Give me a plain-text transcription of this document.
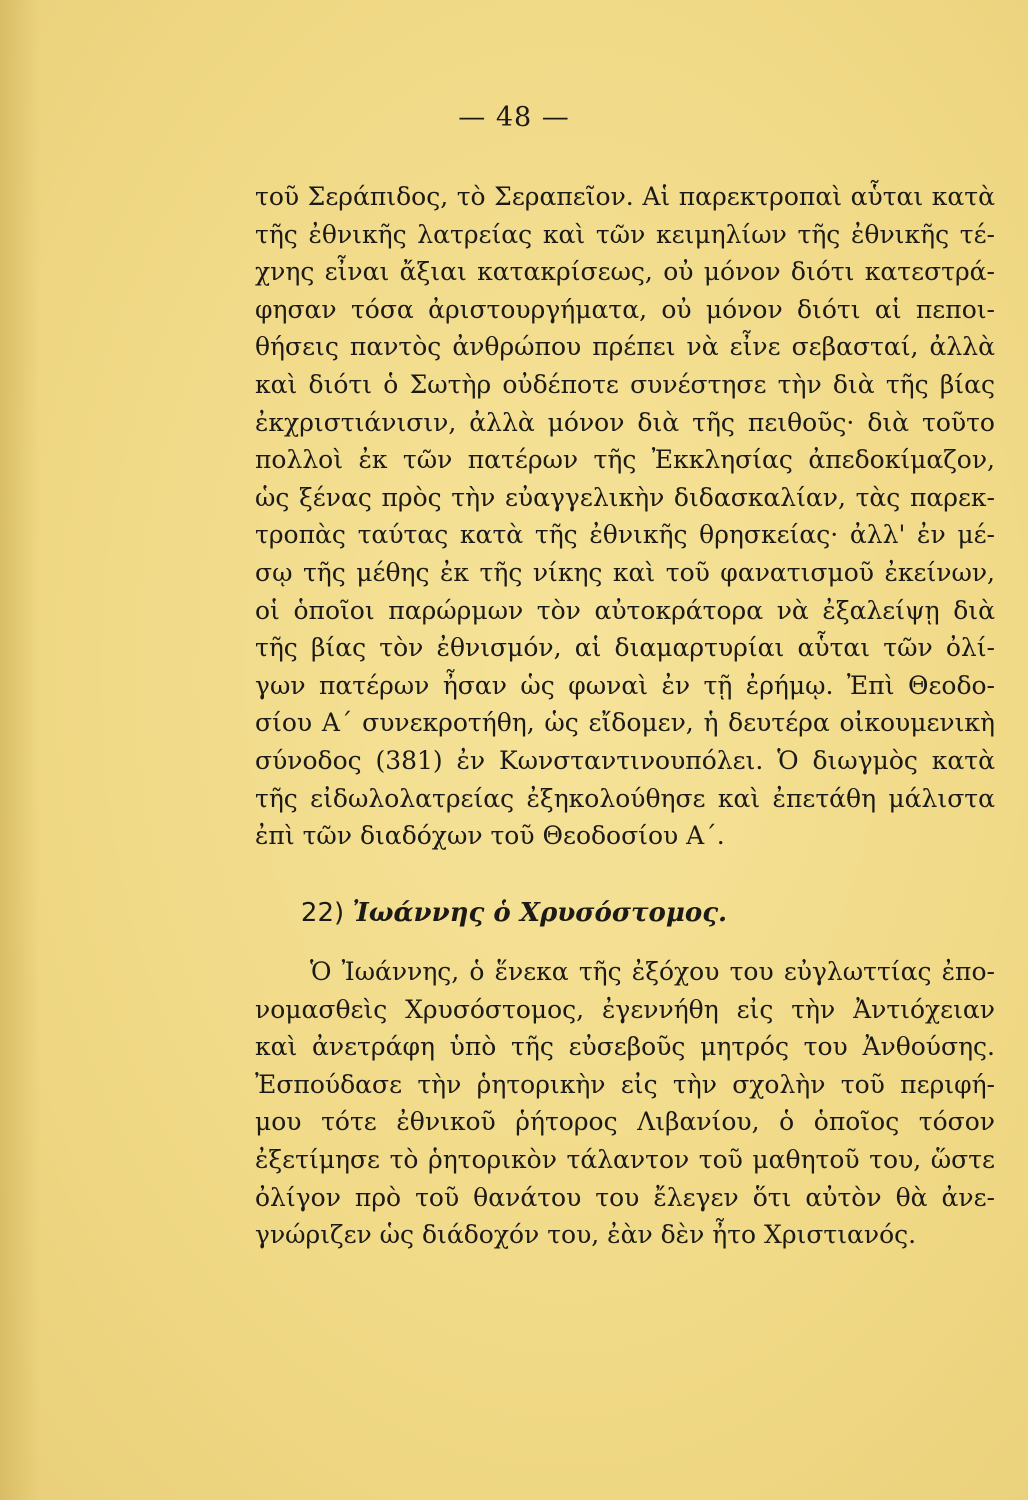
— 48 —
τοῦ Σεράπιδος, τὸ Σεραπεῖον. Αἱ παρεκτροπαὶ αὗται κατὰ
τῆς ἐθνικῆς λατρείας καὶ τῶν κειμηλίων τῆς ἐθνικῆς τέ-
χνης εἶναι ἄξιαι κατακρίσεως, οὐ μόνον διότι κατεστρά-
φησαν τόσα ἀριστουργήματα, οὐ μόνον διότι αἱ πεποι-
θήσεις παντὸς ἀνθρώπου πρέπει νὰ εἶνε σεβασταί, ἀλλὰ
καὶ διότι ὁ Σωτὴρ οὐδέποτε συνέστησε τὴν διὰ τῆς βίας
ἐκχριστιάνισιν, ἀλλὰ μόνον διὰ τῆς πειθοῦς· διὰ τοῦτο
πολλοὶ ἐκ τῶν πατέρων τῆς Ἐκκλησίας ἀπεδοκίμαζον,
ὡς ξένας πρὸς τὴν εὐαγγελικὴν διδασκαλίαν, τὰς παρεκ-
τροπὰς ταύτας κατὰ τῆς ἐθνικῆς θρησκείας· ἀλλ' ἐν μέ-
σῳ τῆς μέθης ἐκ τῆς νίκης καὶ τοῦ φανατισμοῦ ἐκείνων,
οἱ ὁποῖοι παρώρμων τὸν αὐτοκράτορα νὰ ἐξαλείψῃ διὰ
τῆς βίας τὸν ἐθνισμόν, αἱ διαμαρτυρίαι αὗται τῶν ὀλί-
γων πατέρων ἦσαν ὡς φωναὶ ἐν τῇ ἐρήμῳ. Ἐπὶ Θεοδο-
σίου Α΄ συνεκροτήθη, ὡς εἴδομεν, ἡ δευτέρα οἰκουμενικὴ
σύνοδος (381) ἐν Κωνσταντινουπόλει. Ὁ διωγμὸς κατὰ
τῆς εἰδωλολατρείας ἐξηκολούθησε καὶ ἐπετάθη μάλιστα
ἐπὶ τῶν διαδόχων τοῦ Θεοδοσίου Α΄.
22) Ἰωάννης ὁ Χρυσόστομος.
Ὁ Ἰωάννης, ὁ ἕνεκα τῆς ἐξόχου του εὐγλωττίας ἐπο-
νομασθεὶς Χρυσόστομος, ἐγεννήθη εἰς τὴν Ἀντιόχειαν
καὶ ἀνετράφη ὑπὸ τῆς εὐσεβοῦς μητρός του Ἀνθούσης.
Ἐσπούδασε τὴν ῥητορικὴν εἰς τὴν σχολὴν τοῦ περιφή-
μου τότε ἐθνικοῦ ῥήτορος Λιβανίου, ὁ ὁποῖος τόσον
ἐξετίμησε τὸ ῥητορικὸν τάλαντον τοῦ μαθητοῦ του, ὥστε
ὀλίγον πρὸ τοῦ θανάτου του ἔλεγεν ὅτι αὐτὸν θὰ ἀνε-
γνώριζεν ὡς διάδοχόν του, ἐὰν δὲν ἦτο Χριστιανός.
